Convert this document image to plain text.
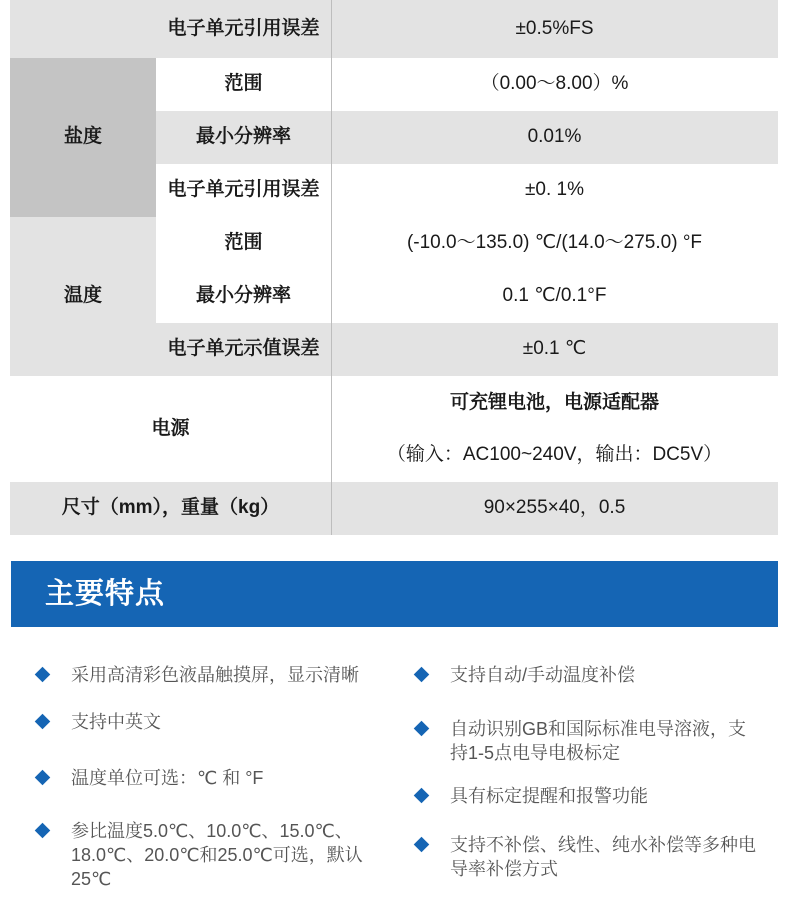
电子单元引用误差	±0.5%FS
盐度
范围	（0.00～8.00）%
最小分辨率	0.01%
电子单元引用误差	±0. 1%
温度
范围	(-10.0～135.0) ℃/(14.0～275.0) °F
最小分辨率	0.1 ℃/0.1°F
电子单元示值误差	±0.1 ℃
电源
可充锂电池，电源适配器
（输入：AC100~240V，输出：DC5V）
尺寸（mm），重量（kg）	90×255×40，0.5
主要特点
采用高清彩色液晶触摸屏，显示清晰
支持中英文
温度单位可选：℃ 和 °F
参比温度5.0℃、10.0℃、15.0℃、18.0℃、20.0℃和25.0℃可选，默认25℃
支持自动/手动温度补偿
自动识别GB和国际标准电导溶液，支持1-5点电导电极标定
具有标定提醒和报警功能
支持不补偿、线性、纯水补偿等多种电导率补偿方式
